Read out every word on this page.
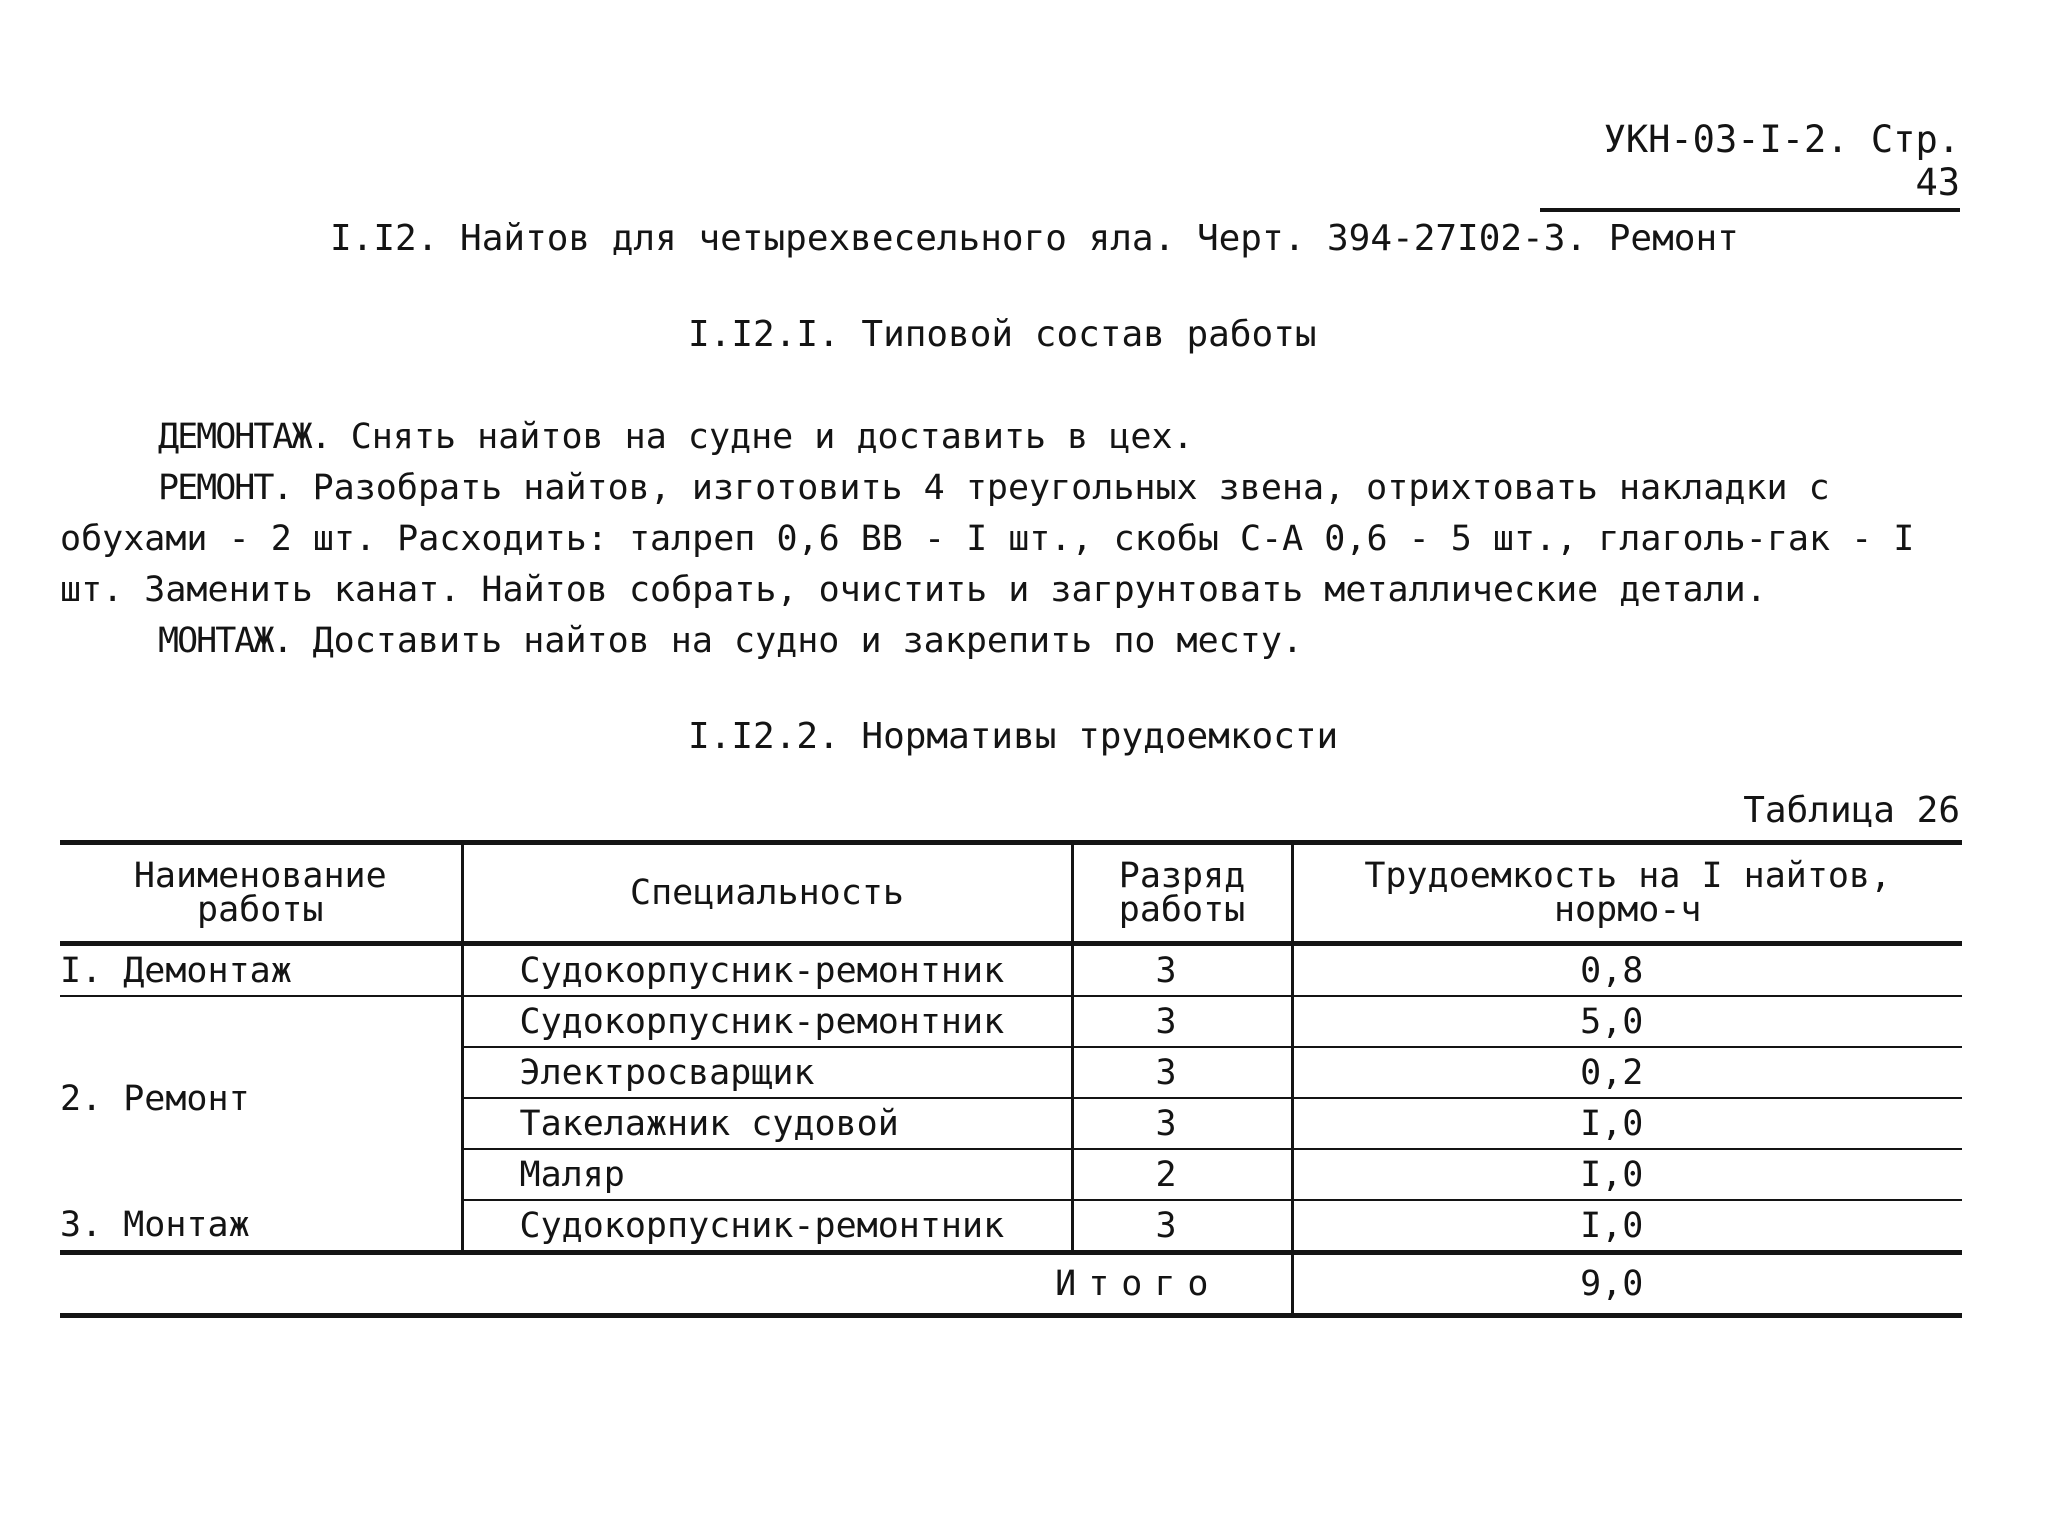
УКН-03-I-2. Стр. 43
I.I2. Найтов для четырехвесельного яла. Черт. 394-27I02-3. Ремонт
I.I2.I. Типовой состав работы

ДЕМОНТАЖ. Снять найтов на судне и доставить в цех.

РЕМОНТ. Разобрать найтов, изготовить 4 треугольных звена, отрихтовать накладки с обухами - 2 шт. Расходить: талреп 0,6 ВВ - I шт., скобы С-А 0,6 - 5 шт., глаголь-гак - I шт. Заменить канат. Найтов собрать, очистить и загрунтовать металлические детали.

МОНТАЖ. Доставить найтов на судно и закрепить по месту.

I.I2.2. Нормативы трудоемкости
Таблица 26
Наименование работы	Специальность	Разряд работы	Трудоемкость на I найтов, нормо-ч
I. Демонтаж	Судокорпусник-ремонтник	3	0,8
2. Ремонт	Судокорпусник-ремонтник	3	5,0
	Электросварщик	3	0,2
	Такелажник судовой	3	I,0
	Маляр	2	I,0
3. Монтаж	Судокорпусник-ремонтник	3	I,0
Итого			9,0
